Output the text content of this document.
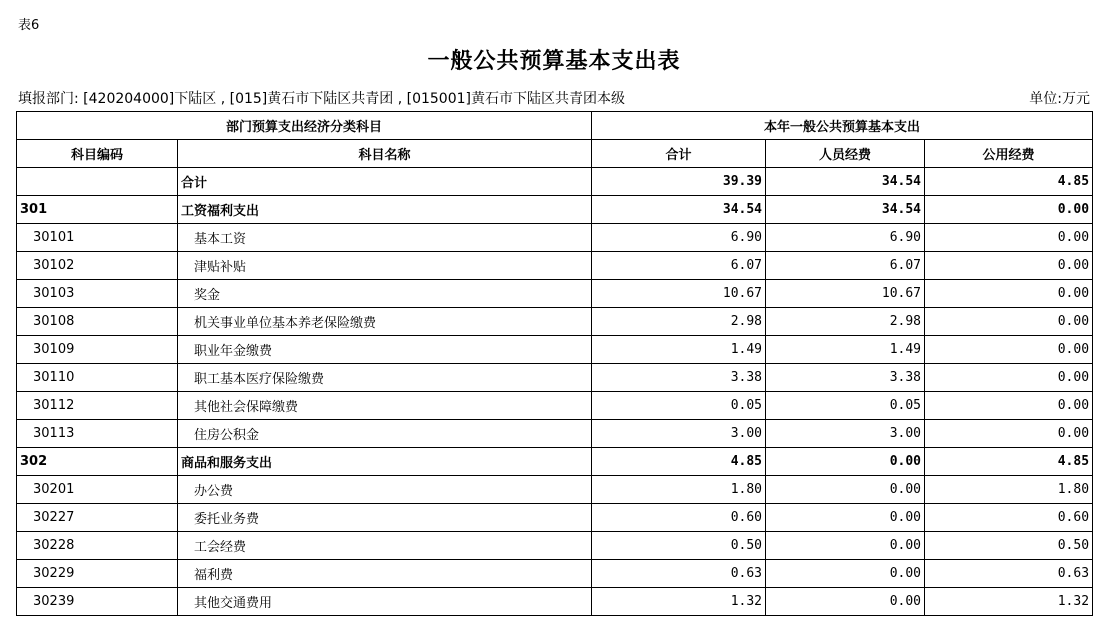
表6
一般公共预算基本支出表
填报部门: [420204000]下陆区 , [015]黄石市下陆区共青团 , [015001]黄石市下陆区共青团本级	单位:万元
部门预算支出经济分类科目		本年一般公共预算基本支出		
科目编码	科目名称	合计	人员经费	公用经费
	合计	39.39	34.54	4.85
301	工资福利支出	34.54	34.54	0.00
30101	基本工资	6.90	6.90	0.00
30102	津贴补贴	6.07	6.07	0.00
30103	奖金	10.67	10.67	0.00
30108	机关事业单位基本养老保险缴费	2.98	2.98	0.00
30109	职业年金缴费	1.49	1.49	0.00
30110	职工基本医疗保险缴费	3.38	3.38	0.00
30112	其他社会保障缴费	0.05	0.05	0.00
30113	住房公积金	3.00	3.00	0.00
302	商品和服务支出	4.85	0.00	4.85
30201	办公费	1.80	0.00	1.80
30227	委托业务费	0.60	0.00	0.60
30228	工会经费	0.50	0.00	0.50
30229	福利费	0.63	0.00	0.63
30239	其他交通费用	1.32	0.00	1.32
